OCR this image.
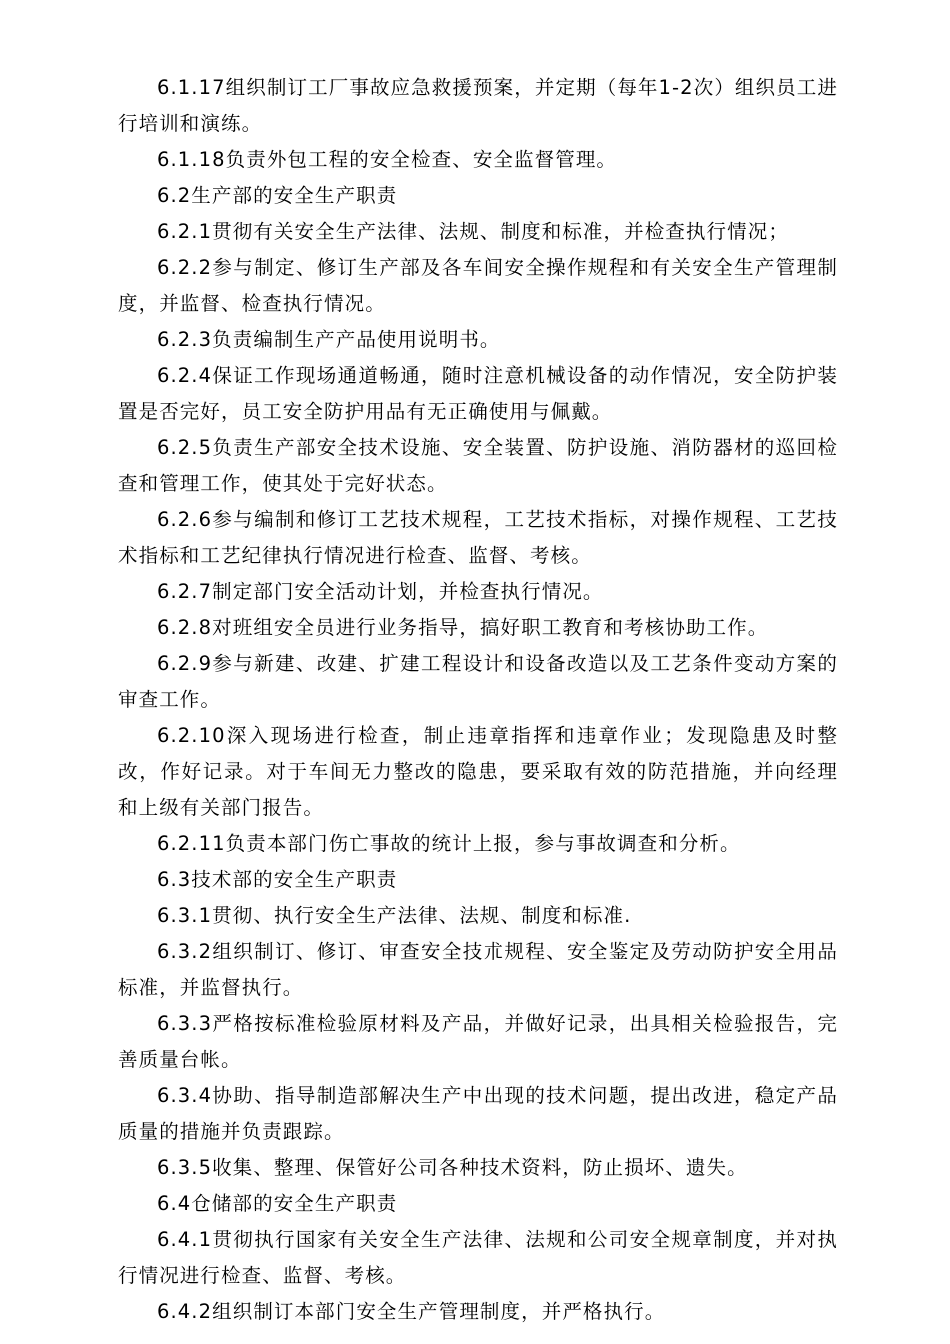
6.1.17组织制订工厂事故应急救援预案，并定期（每年1-2次）组织员工进行培训和演练。

6.1.18负责外包工程的安全检查、安全监督管理。

6.2生产部的安全生产职责

6.2.1贯彻有关安全生产法律、法规、制度和标准，并检查执行情况；

6.2.2参与制定、修订生产部及各车间安全操作规程和有关安全生产管理制度，并监督、检查执行情况。

6.2.3负责编制生产产品使用说明书。

6.2.4保证工作现场通道畅通，随时注意机械设备的动作情况，安全防护装置是否完好，员工安全防护用品有无正确使用与佩戴。

6.2.5负责生产部安全技术设施、安全装置、防护设施、消防器材的巡回检查和管理工作，使其处于完好状态。

6.2.6参与编制和修订工艺技术规程，工艺技术指标，对操作规程、工艺技术指标和工艺纪律执行情况进行检查、监督、考核。

6.2.7制定部门安全活动计划，并检查执行情况。

6.2.8对班组安全员进行业务指导，搞好职工教育和考核协助工作。

6.2.9参与新建、改建、扩建工程设计和设备改造以及工艺条件变动方案的审查工作。

6.2.10深入现场进行检查，制止违章指挥和违章作业；发现隐患及时整改，作好记录。对于车间无力整改的隐患，要采取有效的防范措施，并向经理和上级有关部门报告。

6.2.11负责本部门伤亡事故的统计上报，参与事故调查和分析。

6.3技术部的安全生产职责

6.3.1贯彻、执行安全生产法律、法规、制度和标准.

6.3.2组织制订、修订、审查安全技朮规程、安全鉴定及劳动防护安全用品标准，并监督执行。

6.3.3严格按标准检验原材料及产品，并做好记录，出具相关检验报告，完善质量台帐。

6.3.4协助、指导制造部解决生产中出现的技术问题，提出改进，稳定产品质量的措施并负责跟踪。

6.3.5收集、整理、保管好公司各种技术资料，防止损坏、遗失。

6.4仓储部的安全生产职责

6.4.1贯彻执行国家有关安全生产法律、法规和公司安全规章制度，并对执行情况进行检查、监督、考核。

6.4.2组织制订本部门安全生产管理制度，并严格执行。
